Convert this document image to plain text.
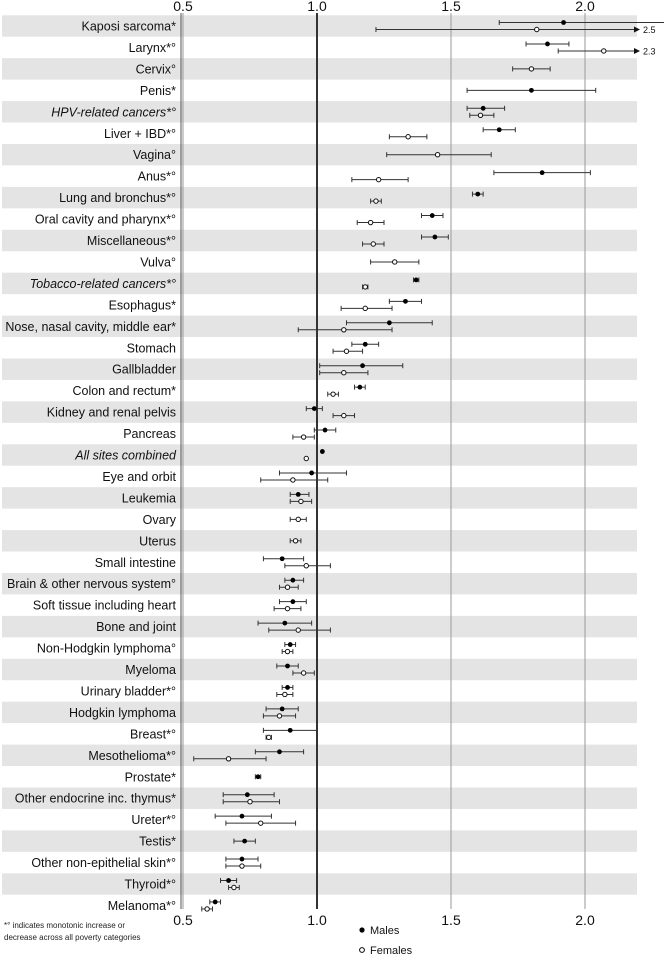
Kaposi sarcoma*
Larynx*°
Cervix°
Penis*
HPV-related cancers*°
Liver + IBD*°
Vagina°
Anus*°
Lung and bronchus*°
Oral cavity and pharynx*°
Miscellaneous*°
Vulva°
Tobacco-related cancers*°
Esophagus*
Nose, nasal cavity, middle ear*
Stomach
Gallbladder
Colon and rectum*
Kidney and renal pelvis
Pancreas
All sites combined
Eye and orbit
Leukemia
Ovary
Uterus
Small intestine
Brain & other nervous system°
Soft tissue including heart
Bone and joint
Non-Hodgkin lymphoma°
Myeloma
Urinary bladder*°
Hodgkin lymphoma
Breast*°
Mesothelioma*°
Prostate*
Other endocrine inc. thymus*
Ureter*°
Testis*
Other non-epithelial skin*°
Thyroid*°
Melanoma*°
2.5
2.3
0.5
0.5
1.0
1.0
1.5
1.5
2.0
2.0
*° indicates monotonic increase or
decrease across all poverty categories
Males
Females
